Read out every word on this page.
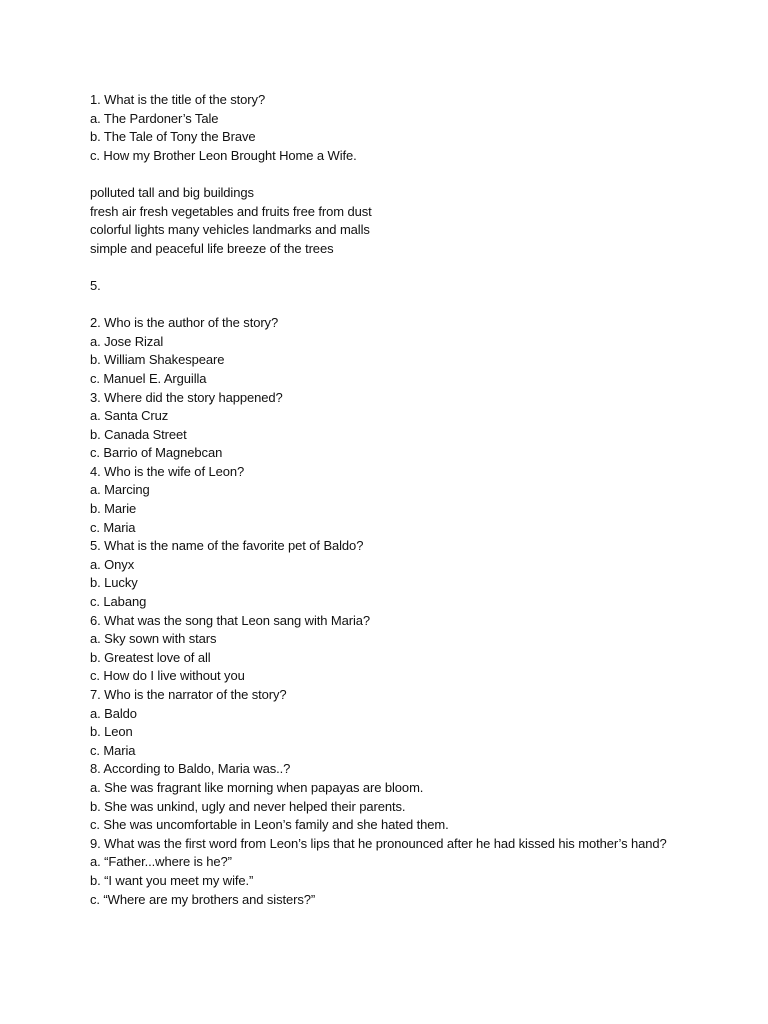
1. What is the title of the story?
a. The Pardoner’s Tale
b. The Tale of Tony the Brave
c. How my Brother Leon Brought Home a Wife.
polluted tall and big buildings
fresh air fresh vegetables and fruits free from dust
colorful lights many vehicles landmarks and malls
simple and peaceful life breeze of the trees
5.
2. Who is the author of the story?
a. Jose Rizal
b. William Shakespeare
c. Manuel E. Arguilla
3. Where did the story happened?
a. Santa Cruz
b. Canada Street
c. Barrio of Magnebcan
4. Who is the wife of Leon?
a. Marcing
b. Marie
c. Maria
5. What is the name of the favorite pet of Baldo?
a. Onyx
b. Lucky
c. Labang
6. What was the song that Leon sang with Maria?
a. Sky sown with stars
b. Greatest love of all
c. How do I live without you
7. Who is the narrator of the story?
a. Baldo
b. Leon
c. Maria
8. According to Baldo, Maria was..?
a. She was fragrant like morning when papayas are bloom.
b. She was unkind, ugly and never helped their parents.
c. She was uncomfortable in Leon’s family and she hated them.
9. What was the first word from Leon’s lips that he pronounced after he had kissed his mother’s hand?
a. “Father...where is he?”
b. “I want you meet my wife.”
c. “Where are my brothers and sisters?”
